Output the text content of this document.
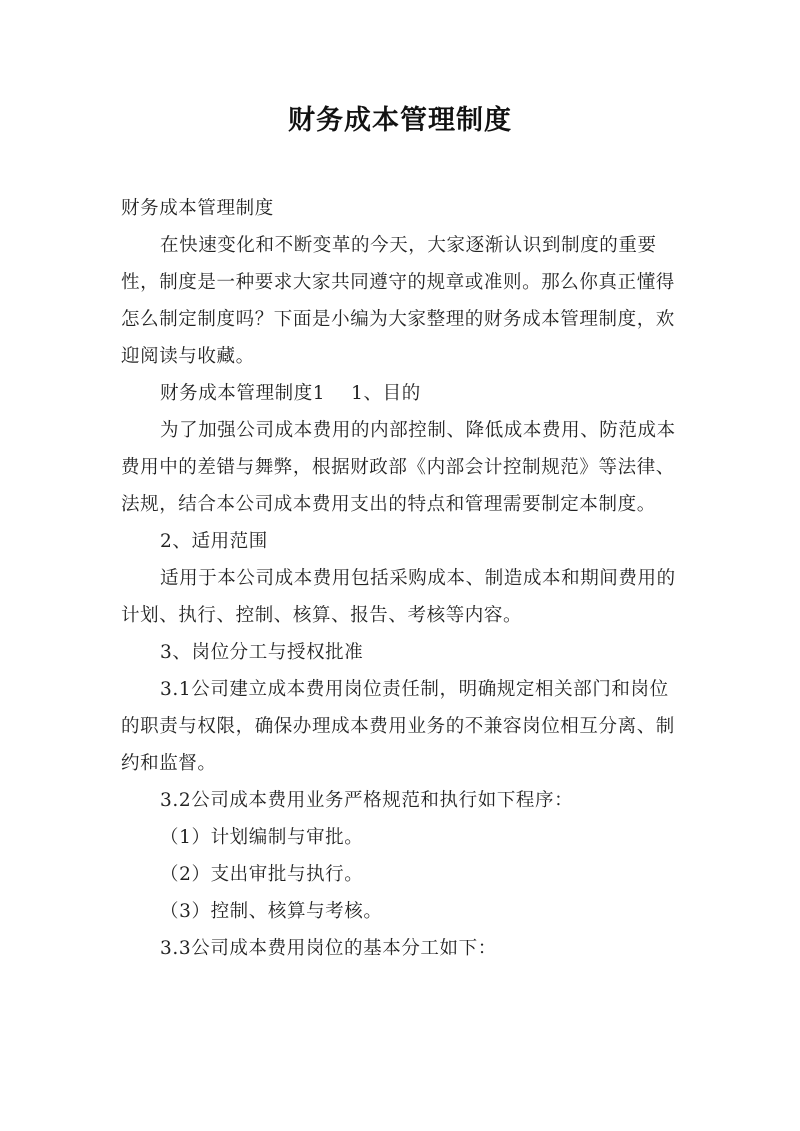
财务成本管理制度

财务成本管理制度

在快速变化和不断变革的今天，大家逐渐认识到制度的重要性，制度是一种要求大家共同遵守的规章或准则。那么你真正懂得怎么制定制度吗？下面是小编为大家整理的财务成本管理制度，欢迎阅读与收藏。

财务成本管理制度1 1、目的

为了加强公司成本费用的内部控制、降低成本费用、防范成本费用中的差错与舞弊，根据财政部《内部会计控制规范》等法律、法规，结合本公司成本费用支出的特点和管理需要制定本制度。

2、适用范围

适用于本公司成本费用包括采购成本、制造成本和期间费用的计划、执行、控制、核算、报告、考核等内容。

3、岗位分工与授权批准

3.1公司建立成本费用岗位责任制，明确规定相关部门和岗位的职责与权限，确保办理成本费用业务的不兼容岗位相互分离、制约和监督。

3.2公司成本费用业务严格规范和执行如下程序：

（1）计划编制与审批。

（2）支出审批与执行。

（3）控制、核算与考核。

3.3公司成本费用岗位的基本分工如下：
